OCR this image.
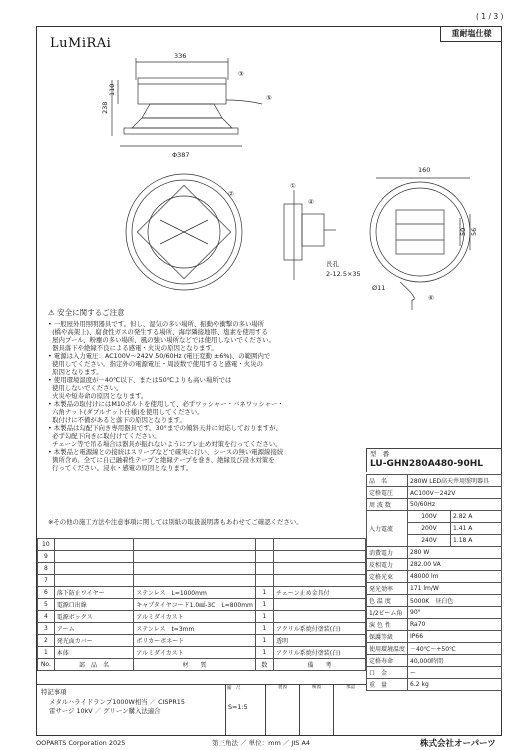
( 1 / 3 )
重耐塩仕様
LuMiRAi
336
110
238
Φ387
③
⑤
②
①
④
160
50 56
長孔
2-12.5×35
Ø11
⑥
⚠ 安全に関するご注意
• 一般屋外用照明器具です。但し、湿気の多い場所、振動や衝撃の多い場所
(橋や高架上)、腐食性ガスの発生する場所、海岸隣接地帯、塩素を使用する
屋内プール、粉塵の多い場所、風の強い場所などでは使用しないでください。
器具落下や絶縁不良による感電・火災の原因となります。
• 電源は入力電圧：AC100V～242V 50/60Hz (電圧変動 ±6%)、の範囲内で
使用してください。指定外の電源電圧・周波数で使用すると感電・火災の
原因となります。
• 使用環境温度が－40℃以下、または50℃よりも高い場所では
使用しないでください。
火災や短寿命の原因となります。
• 本製品の取付けにはM10ボルトを使用して、必ずワッシャー・バネワッシャー・
六角ナット(ダブルナット仕様)を使用してください。
取付けに不備があると落下の原因となります。
• 本製品は勾配下向き専用器具です。30°までの傾斜天井に対応しておりますが、
必ず勾配下向きに取付けてください。
チェーン等で吊る場合は器具が振れないようにブレ止め対策を行ってください。
• 本製品と電源線との接続はスリーブなどで確実に行い、シースの無い電源線接続
箇所含め、全てに自己融着性テープと絶縁テープを巻き、絶縁及び浸水対策を
行ってください。浸水・感電の原因となります。
※その他の施工方法や注意事項に関しては別紙の取扱説明書もあわせてご確認ください。
型　番
LU-GHN280A480-90HL
品　名	280W LED高天井用照明器具	
定格電圧	AC100V～242V	
周 波 数	50/60Hz	
入力電流	100V	2.82 A
	200V	1.41 A
	240V	1.18 A
消費電力	280 W	
皮相電力	282.00 VA	
定格光束	48000 lm	
発光効率	171 lm/W	
色 温 度	5000K　昼白色	
1/2ビーム角	90°	
演 色 性	Ra70	
保護等級	IP66	
使用環境温度	－40℃～+50℃	
定格寿命	40,000時間	
口　金	ー	
重　量	6.2 kg	
10				
9				
8				
7				
6	落下防止ワイヤー	ステンレス　L=1000mm	1	チェーン止め金具付
5	電源口出線	キャブタイヤコード1.0㎟-3C　L=800mm	1	
4	電源ボックス	アルミダイカスト	1	
3	アーム	ステンレス　t=3mm	1	アクリル系焼付塗装(白)
2	発光面カバー	ポリカーボネート	1	透明
1	本体	アルミダイカスト	1	アクリル系焼付塗装(白)
No.	部　品　名	材　　質	数	備　　考
特記事項
メタルハライドランプ1000W相当 ／ CISPR15
雷サージ 10kV ／ グリーン購入法適合
縮　尺
S=1:5
製図	検図	承認
OOPARTS Corporation 2025	第三角法 ／ 単位：mm ／ JIS A4	株式会社オーパーツ
